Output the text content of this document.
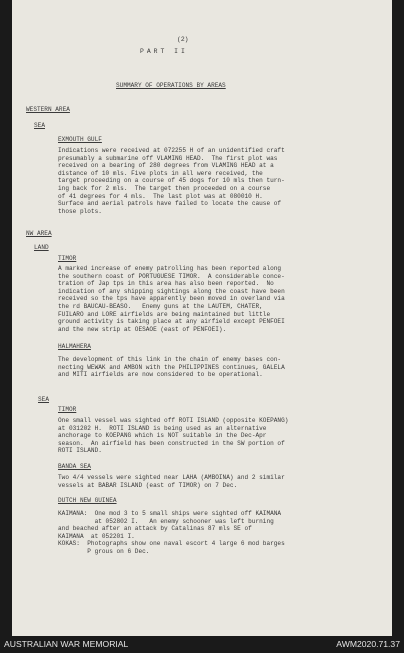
(2)
PART II
SUMMARY OF OPERATIONS BY AREAS
WESTERN AREA
SEA
EXMOUTH GULF
Indications were received at 072255 H of an unidentified craft
presumably a submarine off VLAMING HEAD.  The first plot was
received on a bearing of 280 degrees from VLAMING HEAD at a
distance of 10 mls. Five plots in all were received, the
target proceeding on a course of 45 dogs for 10 mls then turn-
ing back for 2 mls.  The target then proceeded on a course
of 41 degrees for 4 mls.  The last plot was at 080010 H.
Surface and aerial patrols have failed to locate the cause of
those plots.
NW AREA
LAND
TIMOR
A marked increase of enemy patrolling has been reported along
the southern coast of PORTUGUESE TIMOR.  A considerable conce-
tration of Jap tps in this area has also been reported.  No
indication of any shipping sightings along the coast have been
received so the tps have apparently been moved in overland via
the rd BAUCAU-BEASO.   Enemy guns at the LAUTEM, CHATER,
FUILARO and LORE airfields are being maintained but little
ground activity is taking place at any airfield except PENFOEI
and the new strip at OESAOE (east of PENFOEI).
HALMAHERA
The development of this link in the chain of enemy bases con-
necting WEWAK and AMBON with the PHILIPPINES continues, GALELA
and MITI airfields are now considered to be operational.
SEA
TIMOR
One small vessel was sighted off ROTI ISLAND (opposite KOEPANG)
at 031202 H.  ROTI ISLAND is being used as an alternative
anchorage to KOEPANG which is NOT suitable in the Dec-Apr
season.  An airfield has been constructed in the SW portion of
ROTI ISLAND.
BANDA SEA
Two 4/4 vessels were sighted near LAHA (AMBOINA) and 2 similar
vessels at BABAR ISLAND (east of TIMOR) on 7 Dec.
DUTCH NEW GUINEA
KAIMANA:  One mod 3 to 5 small ships were sighted off KAIMANA
at 052802 I.   An enemy schooner was left burning
and beached after an attack by Catalinas 87 mls SE of
KAIMANA  at 052201 I.
KOKAS:  Photographs show one naval escort 4 large 6 mod barges
P grous on 6 Dec.
AUSTRALIAN WAR MEMORIAL	AWM2020.71.37
